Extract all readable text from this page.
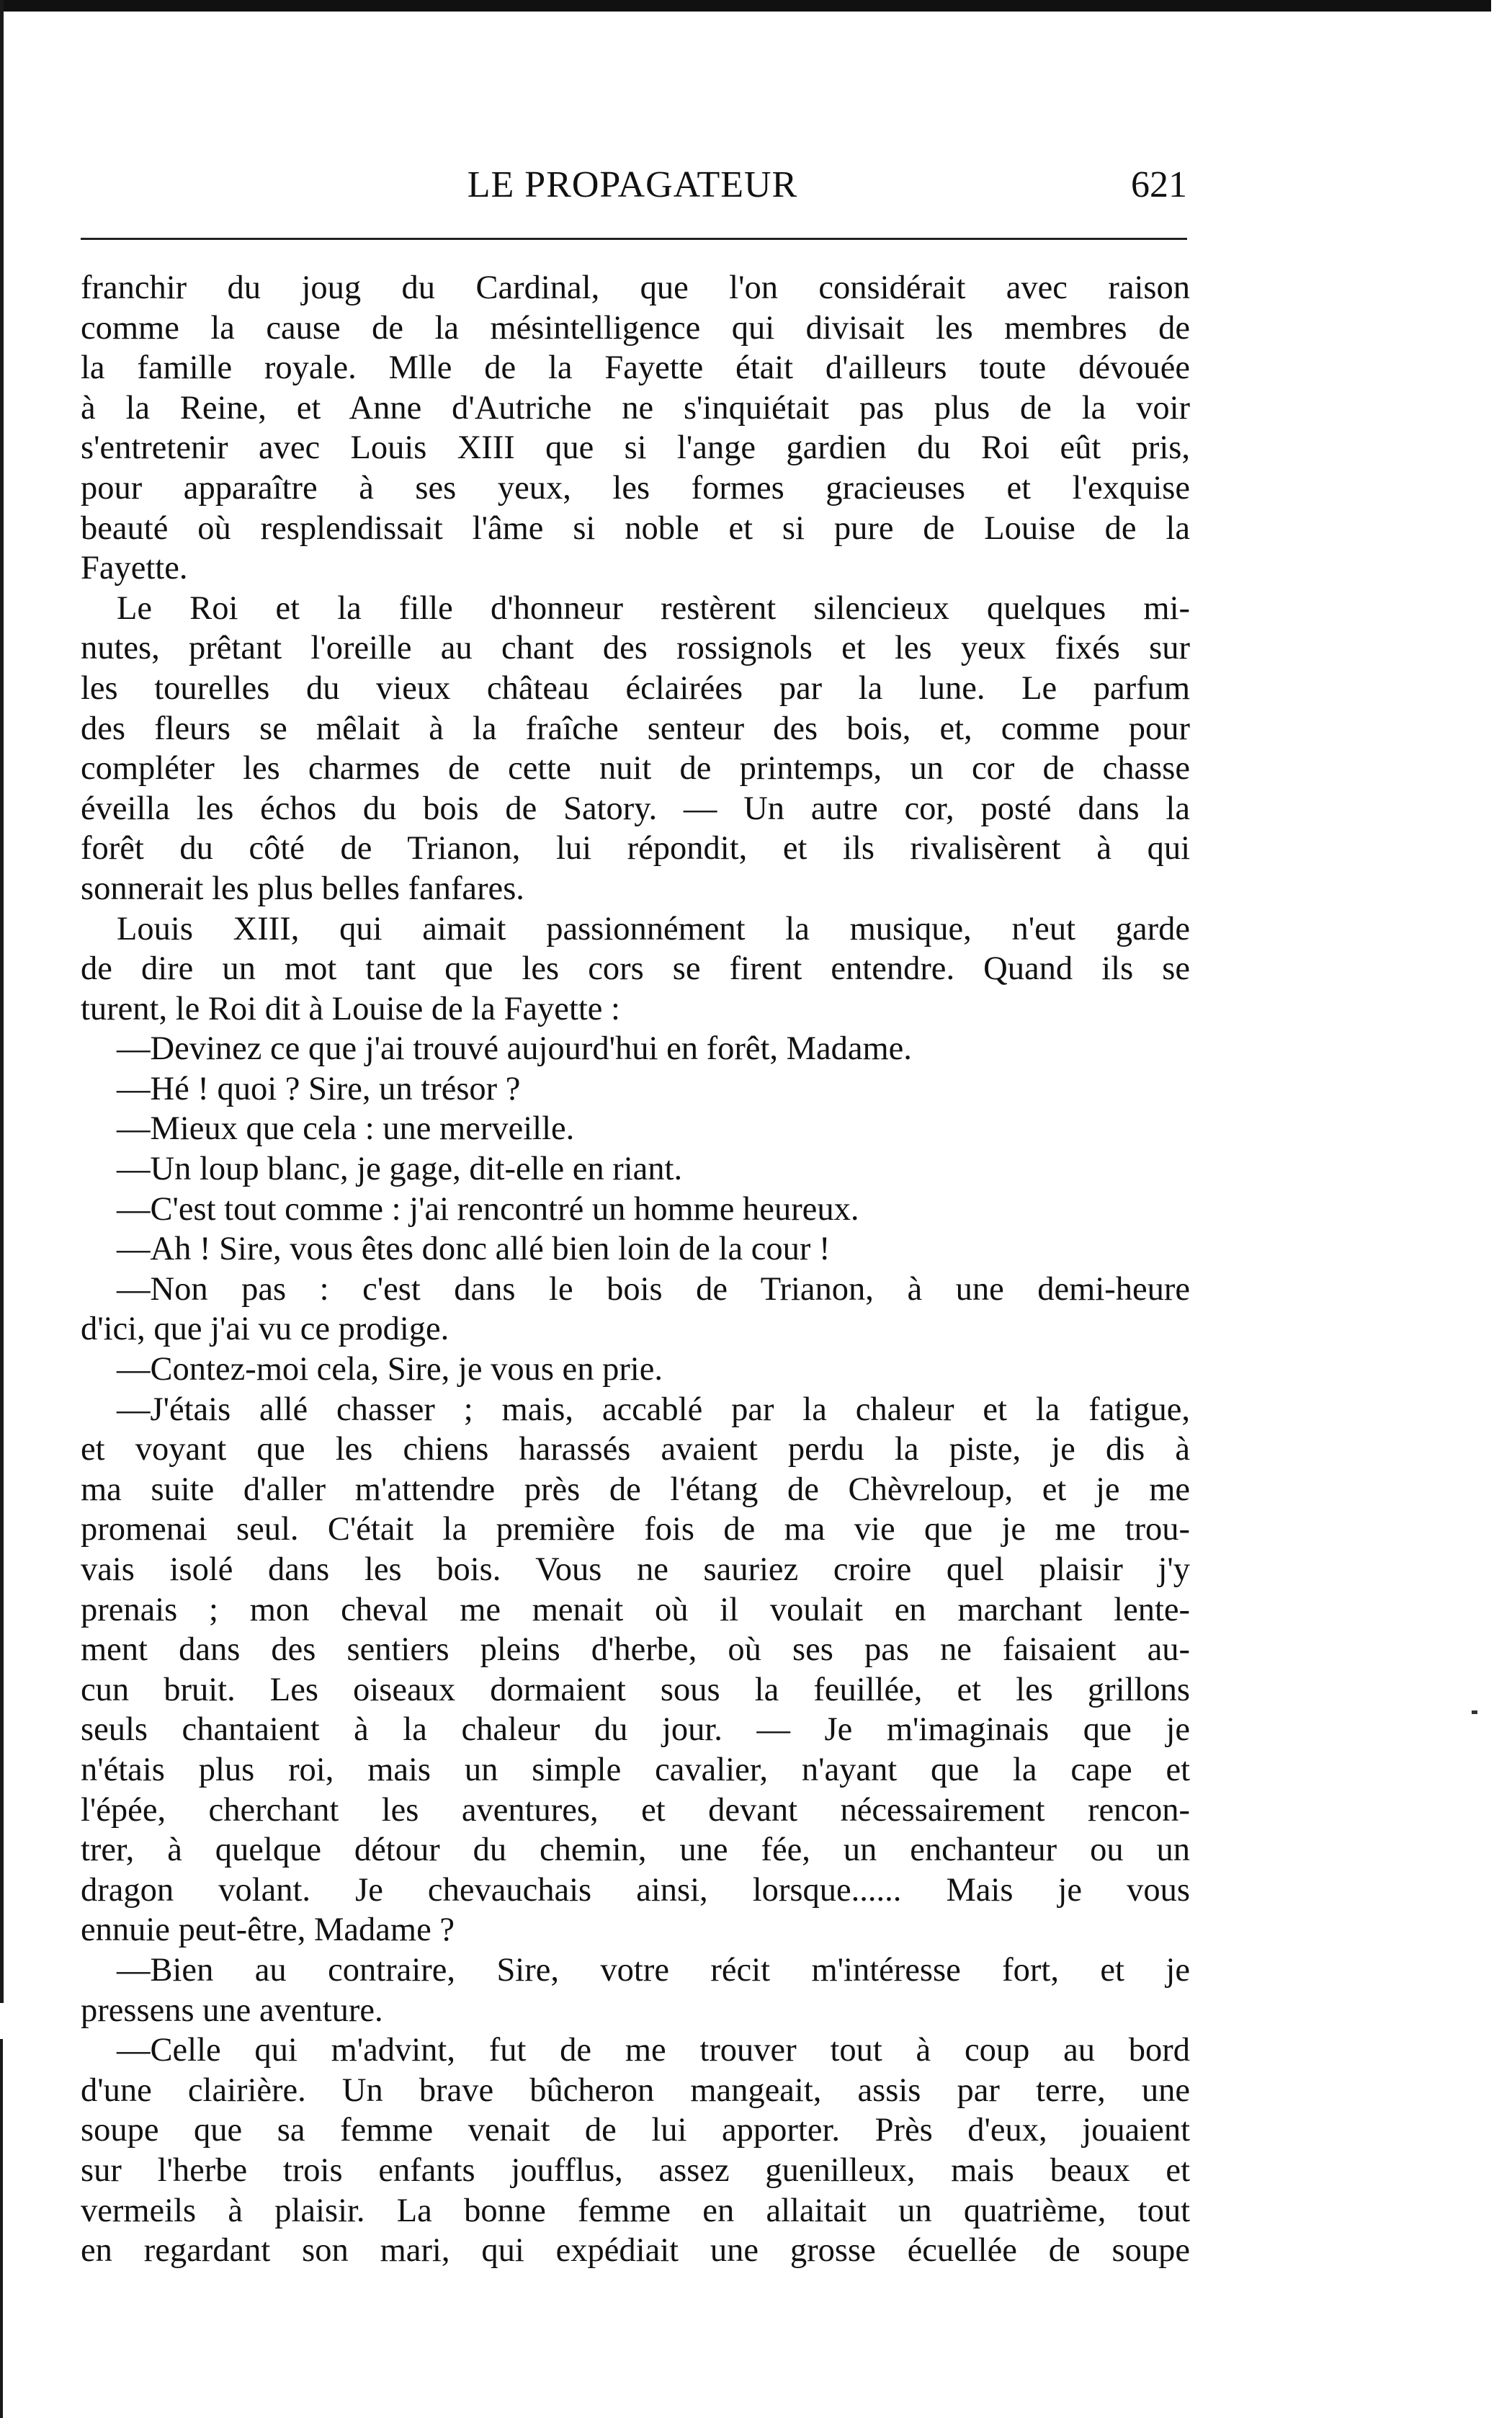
LE PROPAGATEUR	621
franchir du joug du Cardinal, que l'on considérait avec raison
comme la cause de la mésintelligence qui divisait les membres de
la famille royale. Mlle de la Fayette était d'ailleurs toute dévouée
à la Reine, et Anne d'Autriche ne s'inquiétait pas plus de la voir
s'entretenir avec Louis XIII que si l'ange gardien du Roi eût pris,
pour apparaître à ses yeux, les formes gracieuses et l'exquise
beauté où resplendissait l'âme si noble et si pure de Louise de la
Fayette.
Le Roi et la fille d'honneur restèrent silencieux quelques mi-
nutes, prêtant l'oreille au chant des rossignols et les yeux fixés sur
les tourelles du vieux château éclairées par la lune. Le parfum
des fleurs se mêlait à la fraîche senteur des bois, et, comme pour
compléter les charmes de cette nuit de printemps, un cor de chasse
éveilla les échos du bois de Satory. — Un autre cor, posté dans la
forêt du côté de Trianon, lui répondit, et ils rivalisèrent à qui
sonnerait les plus belles fanfares.
Louis XIII, qui aimait passionnément la musique, n'eut garde
de dire un mot tant que les cors se firent entendre. Quand ils se
turent, le Roi dit à Louise de la Fayette :
—Devinez ce que j'ai trouvé aujourd'hui en forêt, Madame.
—Hé ! quoi ? Sire, un trésor ?
—Mieux que cela : une merveille.
—Un loup blanc, je gage, dit-elle en riant.
—C'est tout comme : j'ai rencontré un homme heureux.
—Ah ! Sire, vous êtes donc allé bien loin de la cour !
—Non pas : c'est dans le bois de Trianon, à une demi-heure
d'ici, que j'ai vu ce prodige.
—Contez-moi cela, Sire, je vous en prie.
—J'étais allé chasser ; mais, accablé par la chaleur et la fatigue,
et voyant que les chiens harassés avaient perdu la piste, je dis à
ma suite d'aller m'attendre près de l'étang de Chèvreloup, et je me
promenai seul. C'était la première fois de ma vie que je me trou-
vais isolé dans les bois. Vous ne sauriez croire quel plaisir j'y
prenais ; mon cheval me menait où il voulait en marchant lente-
ment dans des sentiers pleins d'herbe, où ses pas ne faisaient au-
cun bruit. Les oiseaux dormaient sous la feuillée, et les grillons
seuls chantaient à la chaleur du jour. — Je m'imaginais que je
n'étais plus roi, mais un simple cavalier, n'ayant que la cape et
l'épée, cherchant les aventures, et devant nécessairement rencon-
trer, à quelque détour du chemin, une fée, un enchanteur ou un
dragon volant. Je chevauchais ainsi, lorsque...... Mais je vous
ennuie peut-être, Madame ?
—Bien au contraire, Sire, votre récit m'intéresse fort, et je
pressens une aventure.
—Celle qui m'advint, fut de me trouver tout à coup au bord
d'une clairière. Un brave bûcheron mangeait, assis par terre, une
soupe que sa femme venait de lui apporter. Près d'eux, jouaient
sur l'herbe trois enfants joufflus, assez guenilleux, mais beaux et
vermeils à plaisir. La bonne femme en allaitait un quatrième, tout
en regardant son mari, qui expédiait une grosse écuellée de soupe
